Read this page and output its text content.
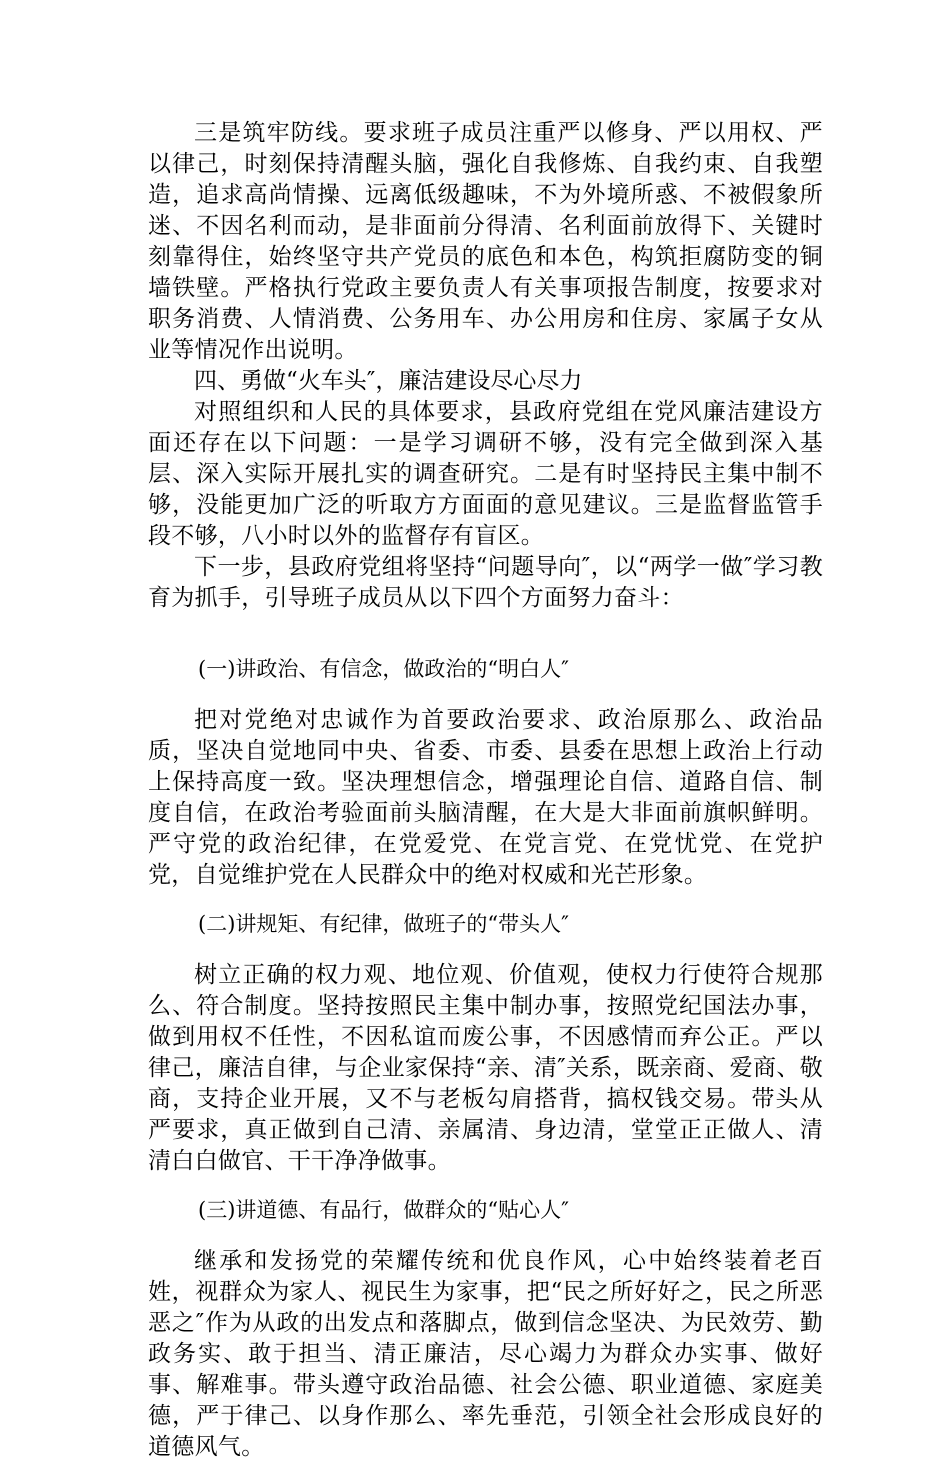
三是筑牢防线。要求班子成员注重严以修身、严以用权、严以律己，时刻保持清醒头脑，强化自我修炼、自我约束、自我塑造，追求高尚情操、远离低级趣味，不为外境所惑、不被假象所迷、不因名利而动，是非面前分得清、名利面前放得下、关键时刻靠得住，始终坚守共产党员的底色和本色，构筑拒腐防变的铜墙铁壁。严格执行党政主要负责人有关事项报告制度，按要求对职务消费、人情消费、公务用车、办公用房和住房、家属子女从业等情况作出说明。

四、勇做“火车头″，廉洁建设尽心尽力

对照组织和人民的具体要求，县政府党组在党风廉洁建设方面还存在以下问题：一是学习调研不够，没有完全做到深入基层、深入实际开展扎实的调查研究。二是有时坚持民主集中制不够，没能更加广泛的听取方方面面的意见建议。三是监督监管手段不够，八小时以外的监督存有盲区。

下一步，县政府党组将坚持“问题导向″，以“两学一做″学习教育为抓手，引导班子成员从以下四个方面努力奋斗：

(一)讲政治、有信念，做政治的“明白人″

把对党绝对忠诚作为首要政治要求、政治原那么、政治品质，坚决自觉地同中央、省委、市委、县委在思想上政治上行动上保持高度一致。坚决理想信念，增强理论自信、道路自信、制度自信，在政治考验面前头脑清醒，在大是大非面前旗帜鲜明。严守党的政治纪律，在党爱党、在党言党、在党忧党、在党护党，自觉维护党在人民群众中的绝对权威和光芒形象。

(二)讲规矩、有纪律，做班子的“带头人″

树立正确的权力观、地位观、价值观，使权力行使符合规那么、符合制度。坚持按照民主集中制办事，按照党纪国法办事，做到用权不任性，不因私谊而废公事，不因感情而弃公正。严以律己，廉洁自律，与企业家保持“亲、清″关系，既亲商、爱商、敬商，支持企业开展，又不与老板勾肩搭背，搞权钱交易。带头从严要求，真正做到自己清、亲属清、身边清，堂堂正正做人、清清白白做官、干干净净做事。

(三)讲道德、有品行，做群众的“贴心人″

继承和发扬党的荣耀传统和优良作风，心中始终装着老百姓，视群众为家人、视民生为家事，把“民之所好好之，民之所恶恶之″作为从政的出发点和落脚点，做到信念坚决、为民效劳、勤政务实、敢于担当、清正廉洁，尽心竭力为群众办实事、做好事、解难事。带头遵守政治品德、社会公德、职业道德、家庭美德，严于律己、以身作那么、率先垂范，引领全社会形成良好的道德风气。
